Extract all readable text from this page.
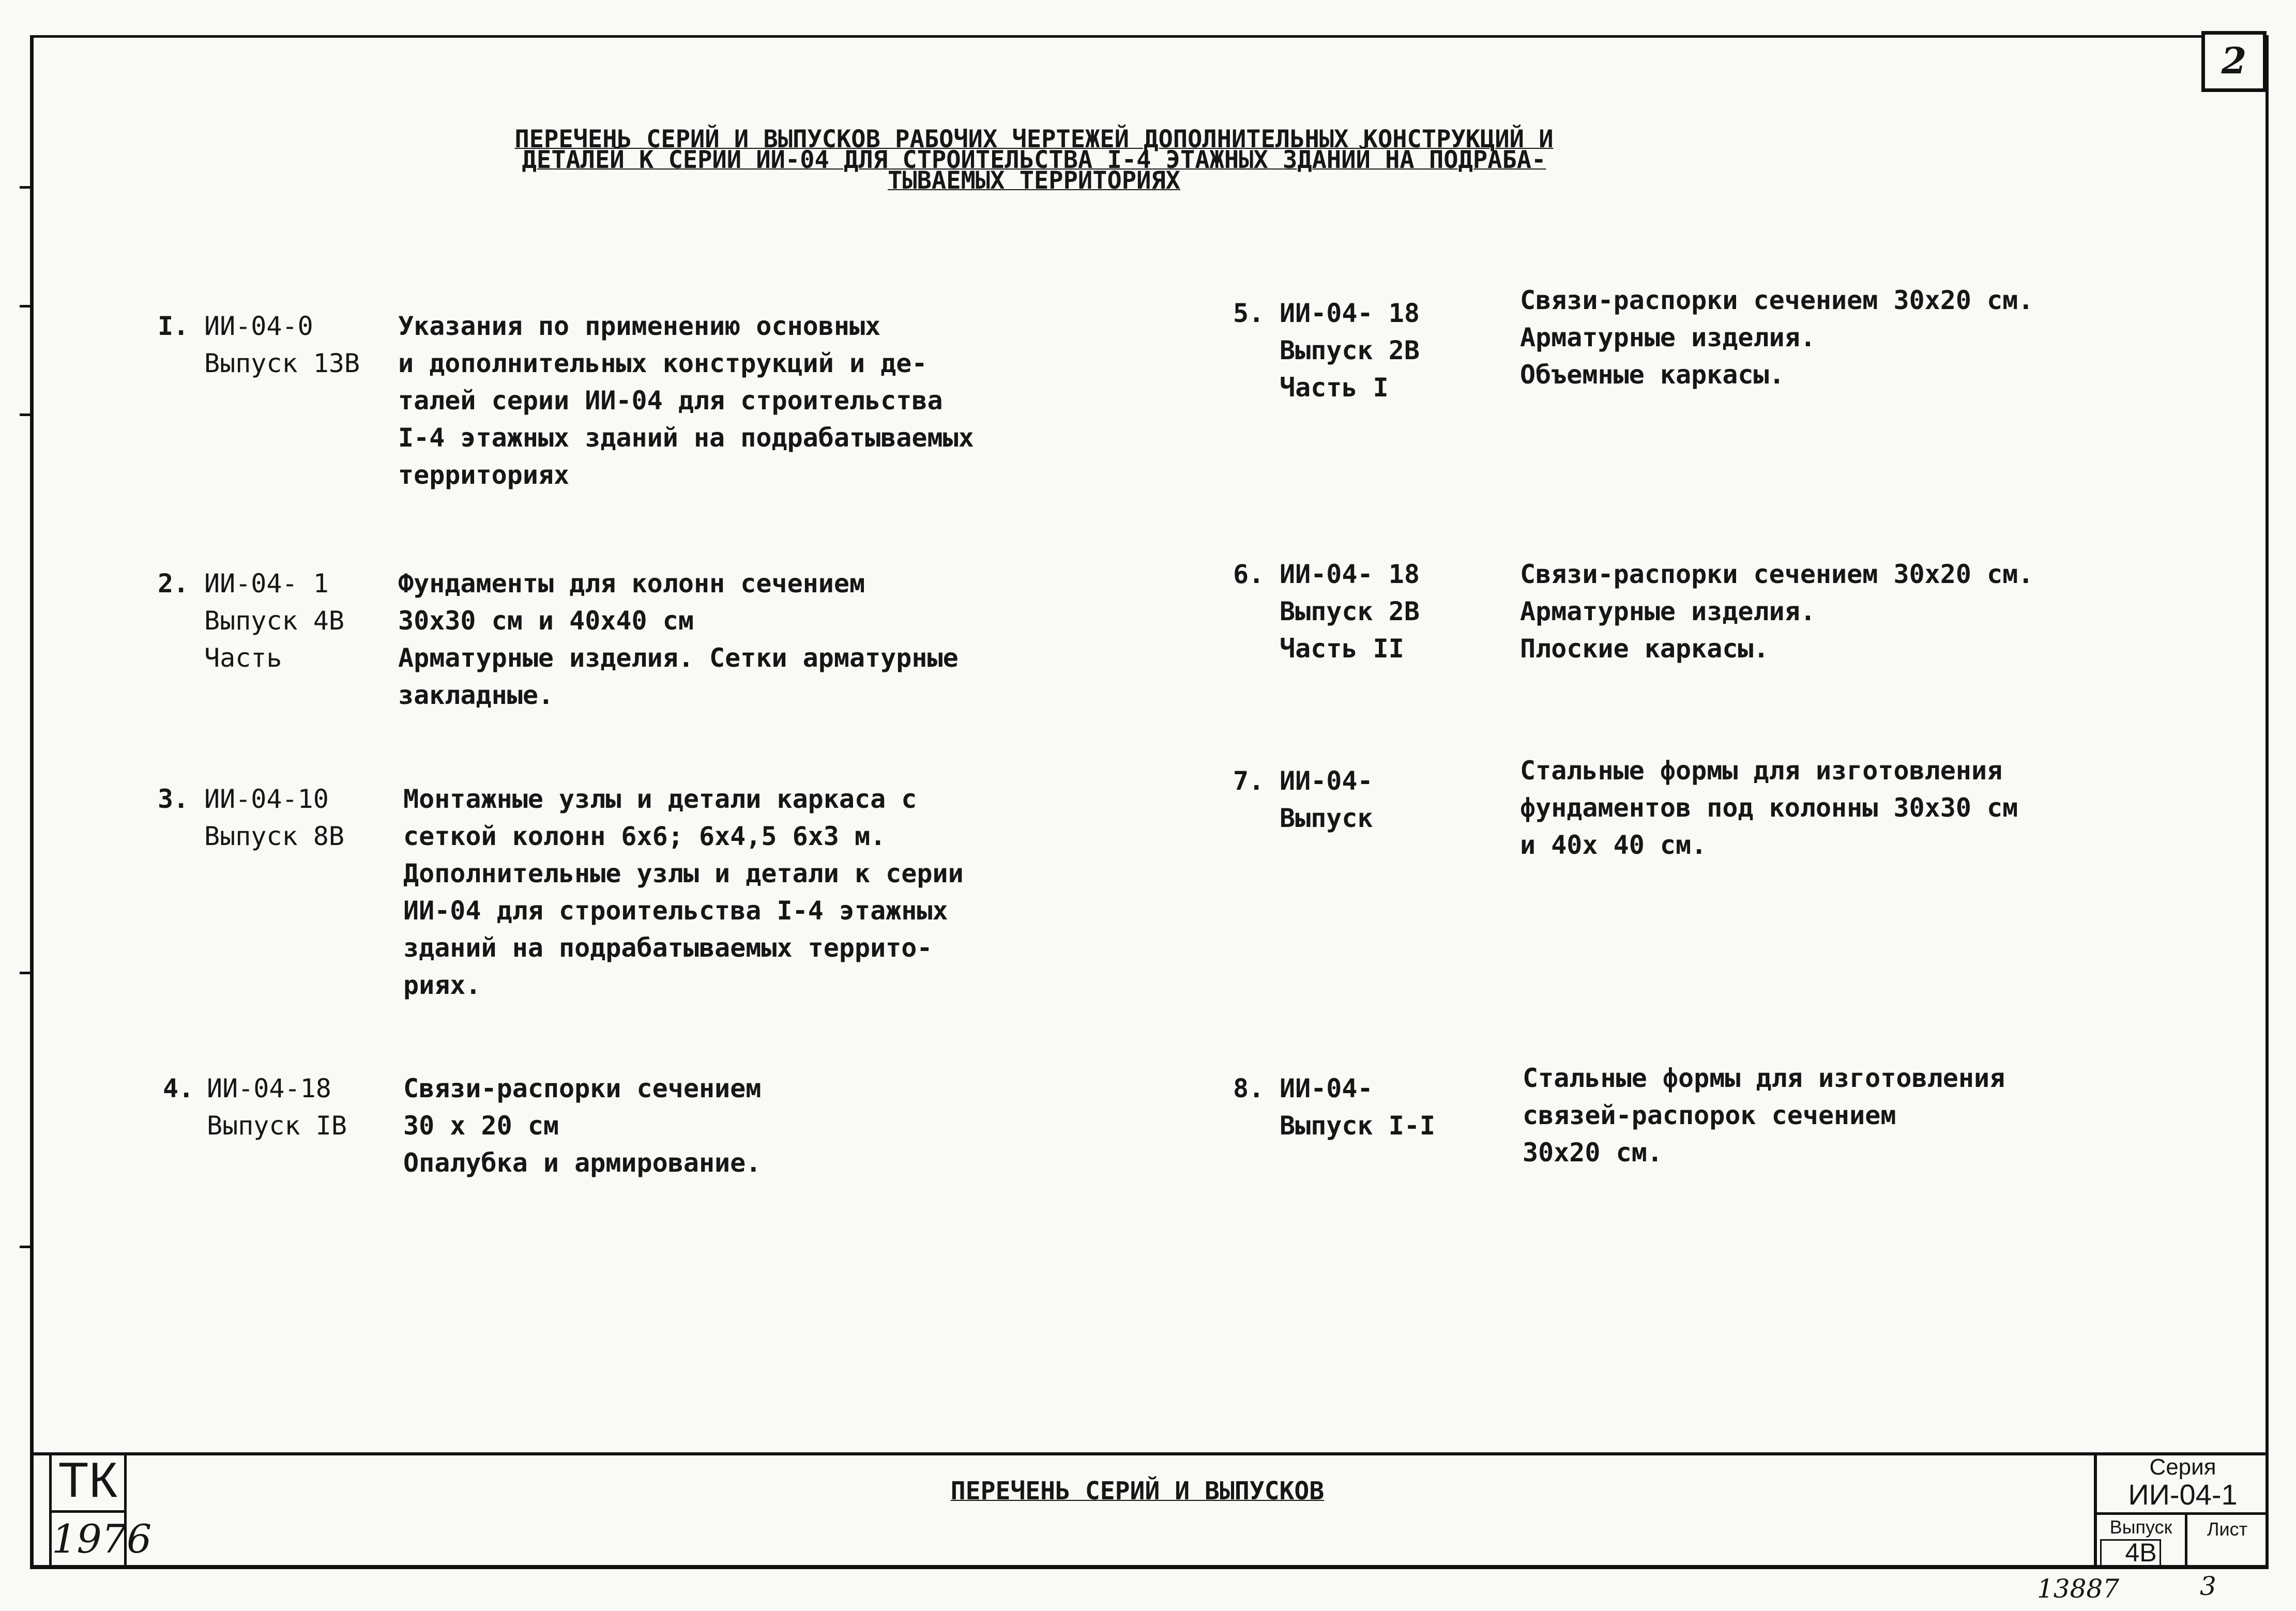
2
ПЕРЕЧЕНЬ СЕРИЙ И ВЫПУСКОВ РАБОЧИХ ЧЕРТЕЖЕЙ ДОПОЛНИТЕЛЬНЫХ КОНСТРУКЦИЙ И
ДЕТАЛЕЙ К СЕРИИ ИИ-04 ДЛЯ СТРОИТЕЛЬСТВА I-4 ЭТАЖНЫХ ЗДАНИЙ НА ПОДРАБА-
ТЫВАЕМЫХ ТЕРРИТОРИЯХ
I. ИИ-04-0
Выпуск 13В
Указания по применению основных
и дополнительных конструкций и де-
талей серии ИИ-04 для строительства
I-4 этажных зданий на подрабатываемых
территориях
2. ИИ-04- 1
Выпуск 4В
Часть
Фундаменты для колонн сечением
30х30 см и 40х40 см
Арматурные изделия. Сетки арматурные
закладные.
3. ИИ-04-10
Выпуск 8В
Монтажные узлы и детали каркаса с
сеткой колонн 6х6; 6х4,5 6х3 м.
Дополнительные узлы и детали к серии
ИИ-04 для строительства I-4 этажных
зданий на подрабатываемых террито-
риях.
4. ИИ-04-18
Выпуск IВ
Связи-распорки сечением
30 х 20 см
Опалубка и армирование.
5. ИИ-04- 18
Выпуск 2В
Часть I
Связи-распорки сечением 30х20 см.
Арматурные изделия.
Объемные каркасы.
6. ИИ-04- 18
Выпуск 2В
Часть II
Связи-распорки сечением 30х20 см.
Арматурные изделия.
Плоские каркасы.
7. ИИ-04-
Выпуск
Стальные формы для изготовления
фундаментов под колонны 30х30 см
и 40х 40 см.
8. ИИ-04-
Выпуск I-I
Стальные формы для изготовления
связей-распорок сечением
30х20 см.
ТК
1976
ПЕРЕЧЕНЬ СЕРИЙ И ВЫПУСКОВ
Серия
ИИ-04-1
Выпуск
4В
Лист
13887	3
